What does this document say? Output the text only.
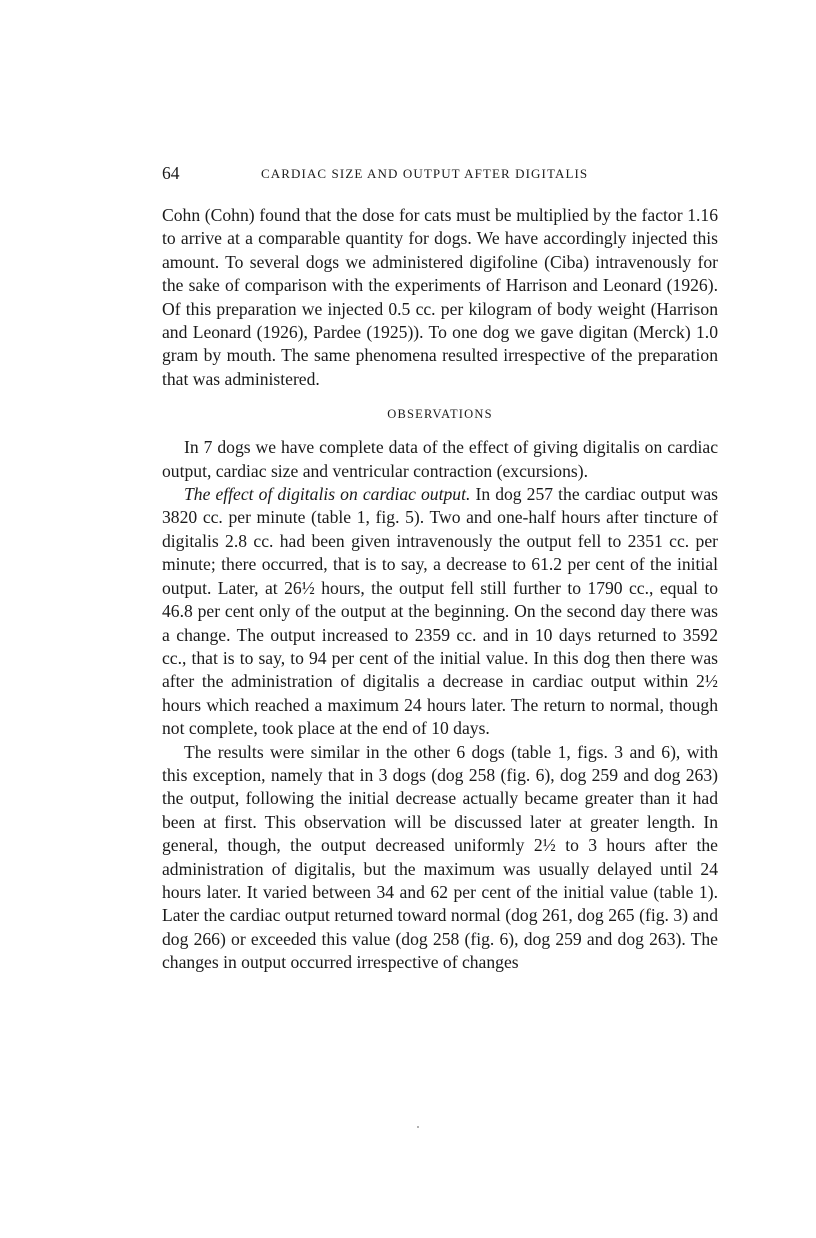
64	CARDIAC SIZE AND OUTPUT AFTER DIGITALIS

Cohn (Cohn) found that the dose for cats must be multiplied by the factor 1.16 to arrive at a comparable quantity for dogs. We have accordingly injected this amount. To several dogs we administered digifoline (Ciba) intravenously for the sake of comparison with the experiments of Harrison and Leonard (1926). Of this preparation we injected 0.5 cc. per kilogram of body weight (Harrison and Leonard (1926), Pardee (1925)). To one dog we gave digitan (Merck) 1.0 gram by mouth. The same phenomena resulted irrespective of the preparation that was administered.

OBSERVATIONS

In 7 dogs we have complete data of the effect of giving digitalis on cardiac output, cardiac size and ventricular contraction (excursions).

The effect of digitalis on cardiac output. In dog 257 the cardiac output was 3820 cc. per minute (table 1, fig. 5). Two and one-half hours after tincture of digitalis 2.8 cc. had been given intravenously the output fell to 2351 cc. per minute; there occurred, that is to say, a decrease to 61.2 per cent of the initial output. Later, at 26½ hours, the output fell still further to 1790 cc., equal to 46.8 per cent only of the output at the beginning. On the second day there was a change. The output increased to 2359 cc. and in 10 days returned to 3592 cc., that is to say, to 94 per cent of the initial value. In this dog then there was after the administration of digitalis a decrease in cardiac output within 2½ hours which reached a maximum 24 hours later. The return to normal, though not complete, took place at the end of 10 days.

The results were similar in the other 6 dogs (table 1, figs. 3 and 6), with this exception, namely that in 3 dogs (dog 258 (fig. 6), dog 259 and dog 263) the output, following the initial decrease actually became greater than it had been at first. This observation will be discussed later at greater length. In general, though, the output decreased uniformly 2½ to 3 hours after the administration of digitalis, but the maximum was usually delayed until 24 hours later. It varied between 34 and 62 per cent of the initial value (table 1). Later the cardiac output returned toward normal (dog 261, dog 265 (fig. 3) and dog 266) or exceeded this value (dog 258 (fig. 6), dog 259 and dog 263). The changes in output occurred irrespective of changes
